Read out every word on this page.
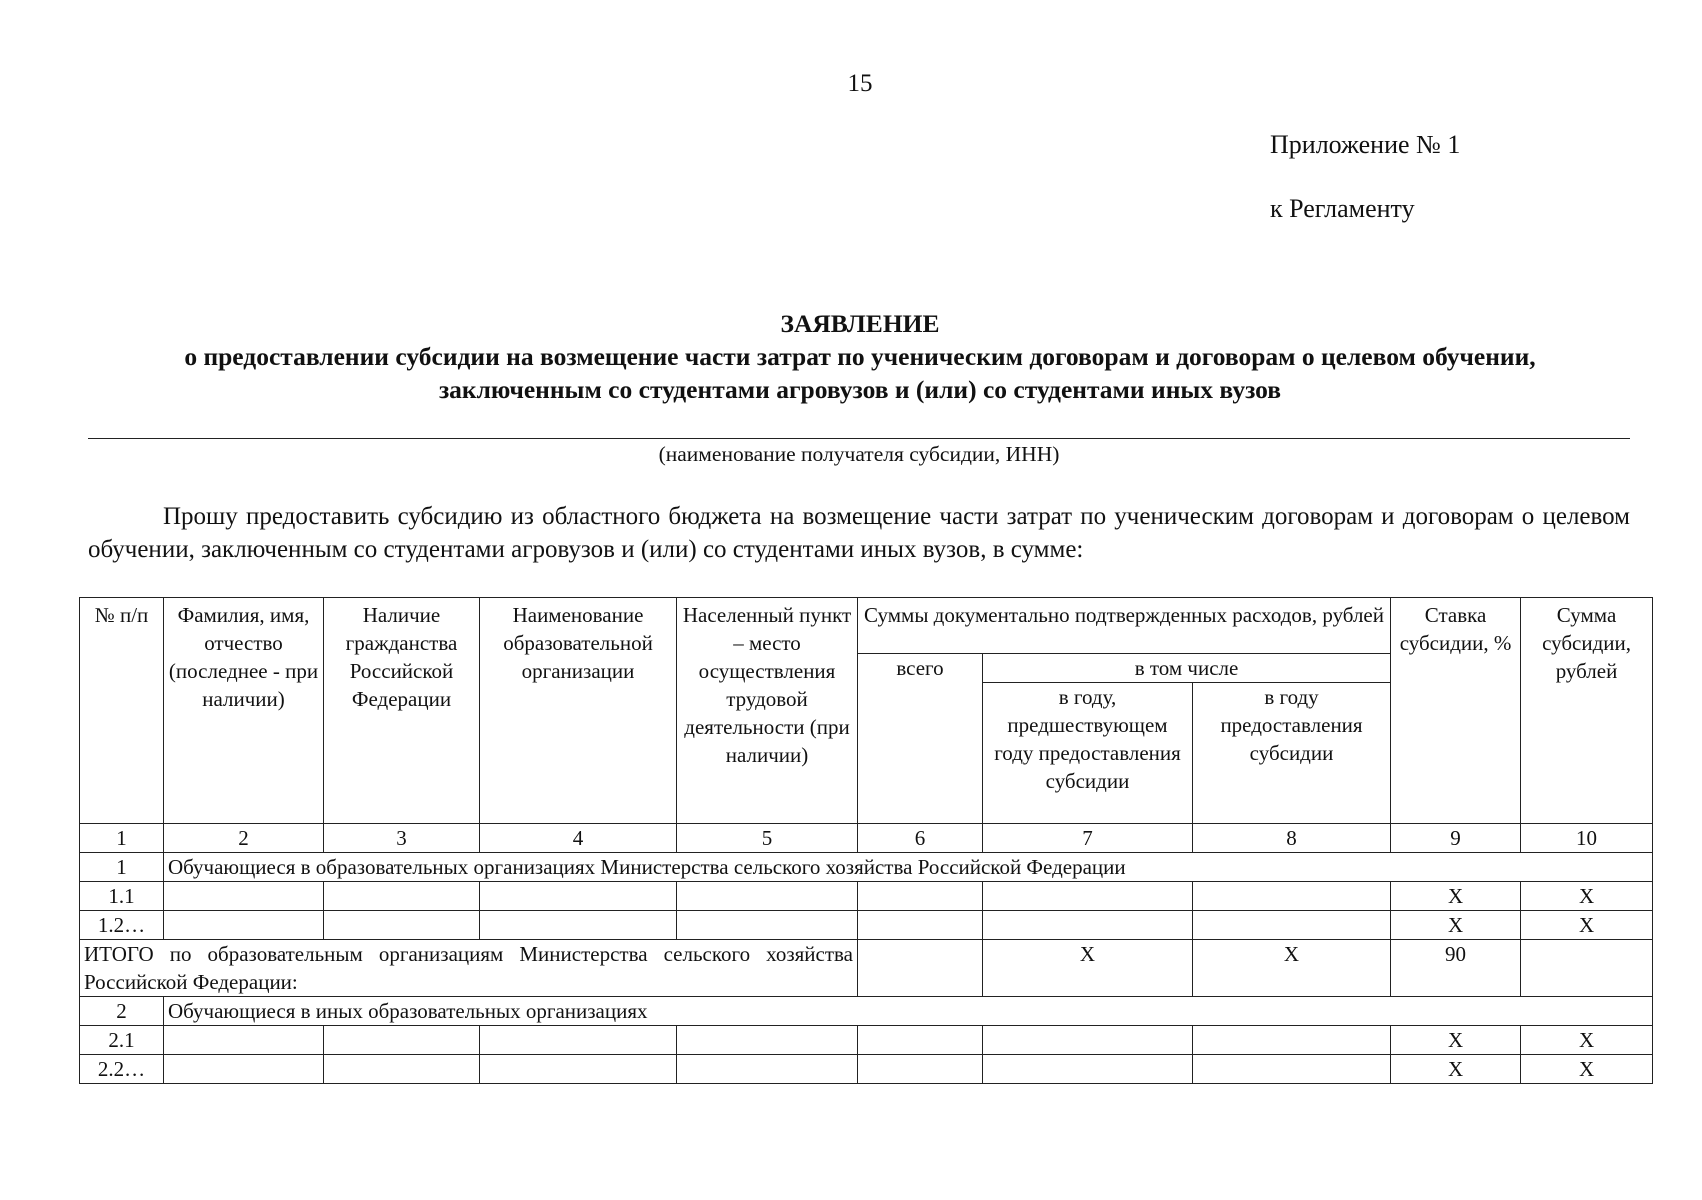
15
Приложение № 1
к Регламенту
ЗАЯВЛЕНИЕ
о предоставлении субсидии на возмещение части затрат по ученическим договорам и договорам о целевом обучении,
заключенным со студентами агровузов и (или) со студентами иных вузов
(наименование получателя субсидии, ИНН)
Прошу предоставить субсидию из областного бюджета на возмещение части затрат по ученическим договорам и договорам о целевом обучении, заключенным со студентами агровузов и (или) со студентами иных вузов, в сумме:
№ п/п	Фамилия, имя, отчество (последнее - при наличии)	Наличие гражданства Российской Федерации	Наименование образовательной организации	Населенный пункт – место осуществления трудовой деятельности (при наличии)	Суммы документально подтвержденных расходов, рублей			Ставка субсидии, %	Сумма субсидии, рублей
					всего	в том числе			
						в году, предшествующем году предоставления субсидии	в году предоставления субсидии		
1	2	3	4	5	6	7	8	9	10
1	Обучающиеся в образовательных организациях Министерства сельского хозяйства Российской Федерации								
1.1								X	X
1.2…								X	X
ИТОГО по образовательным организациям Министерства сельского хозяйства Российской Федерации:						X	X	90	
2	Обучающиеся в иных образовательных организациях								
2.1								X	X
2.2…								X	X
